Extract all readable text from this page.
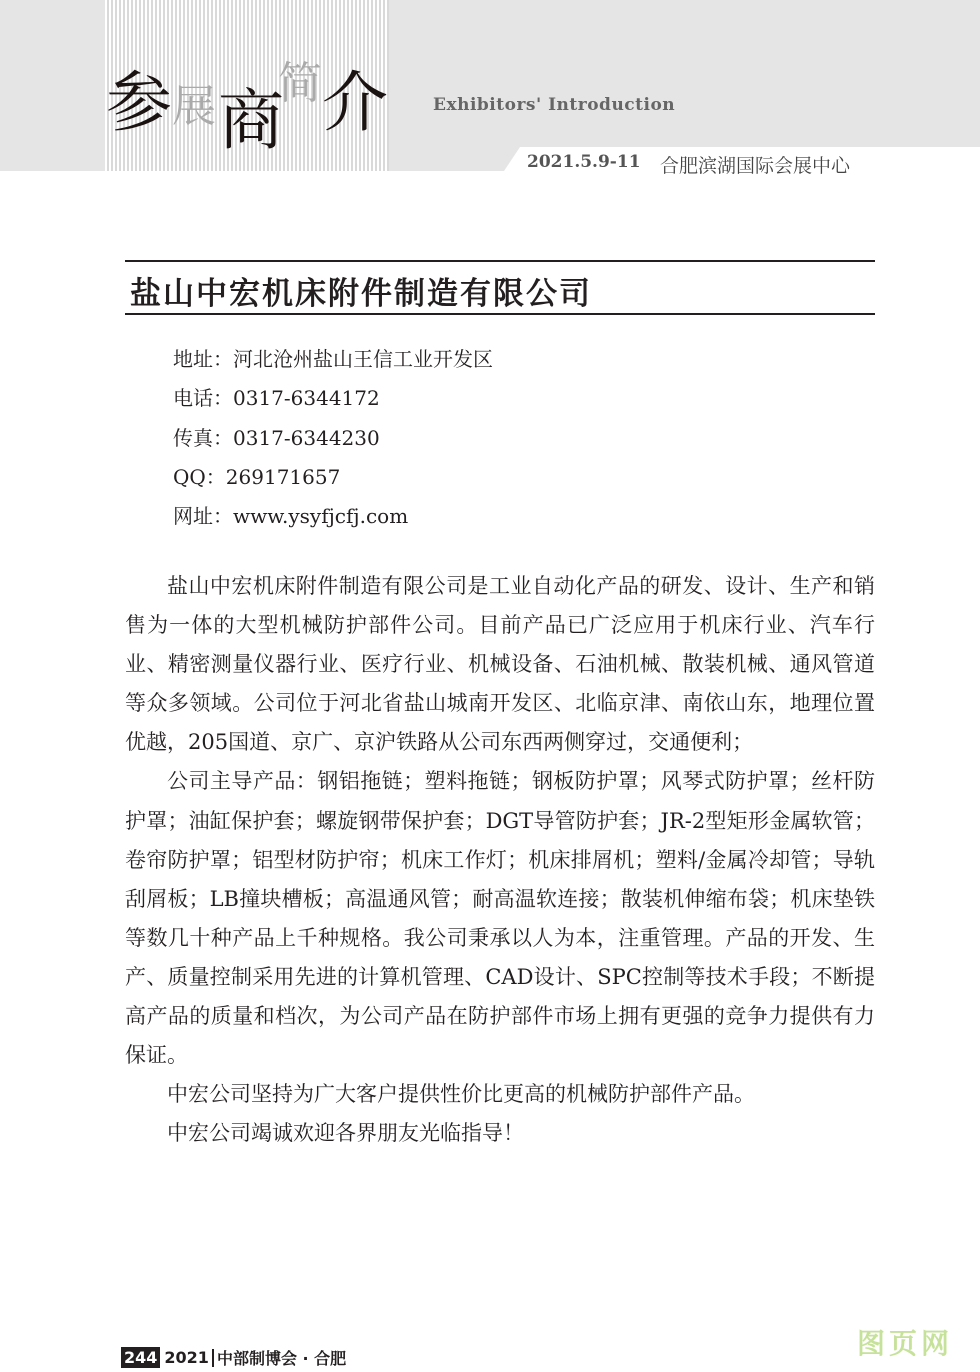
参 展 商
简 介	Exhibitors' Introduction
2021.5.9-11 合肥滨湖国际会展中心
盐山中宏机床附件制造有限公司
地址：河北沧州盐山王信工业开发区
电话：0317-6344172
传真：0317-6344230
QQ：269171657
网址：www.ysyfjcfj.com

盐山中宏机床附件制造有限公司是工业自动化产品的研发、设计、生产和销售为一体的大型机械防护部件公司。目前产品已广泛应用于机床行业、汽车行业、精密测量仪器行业、医疗行业、机械设备、石油机械、散装机械、通风管道等众多领域。公司位于河北省盐山城南开发区、北临京津、南依山东，地理位置优越，205国道、京广、京沪铁路从公司东西两侧穿过，交通便利；

公司主导产品：钢铝拖链；塑料拖链；钢板防护罩；风琴式防护罩；丝杆防护罩；油缸保护套；螺旋钢带保护套；DGT导管防护套；JR-2型矩形金属软管；卷帘防护罩；铝型材防护帘；机床工作灯；机床排屑机；塑料/金属冷却管；导轨刮屑板；LB撞块槽板；高温通风管；耐高温软连接；散装机伸缩布袋；机床垫铁等数几十种产品上千种规格。我公司秉承以人为本，注重管理。产品的开发、生产、质量控制采用先进的计算机管理、CAD设计、SPC控制等技术手段；不断提高产品的质量和档次，为公司产品在防护部件市场上拥有更强的竞争力提供有力保证。

中宏公司坚持为广大客户提供性价比更高的机械防护部件产品。

中宏公司竭诚欢迎各界朋友光临指导！

244 2021 中部制博会 · 合肥	图页网
